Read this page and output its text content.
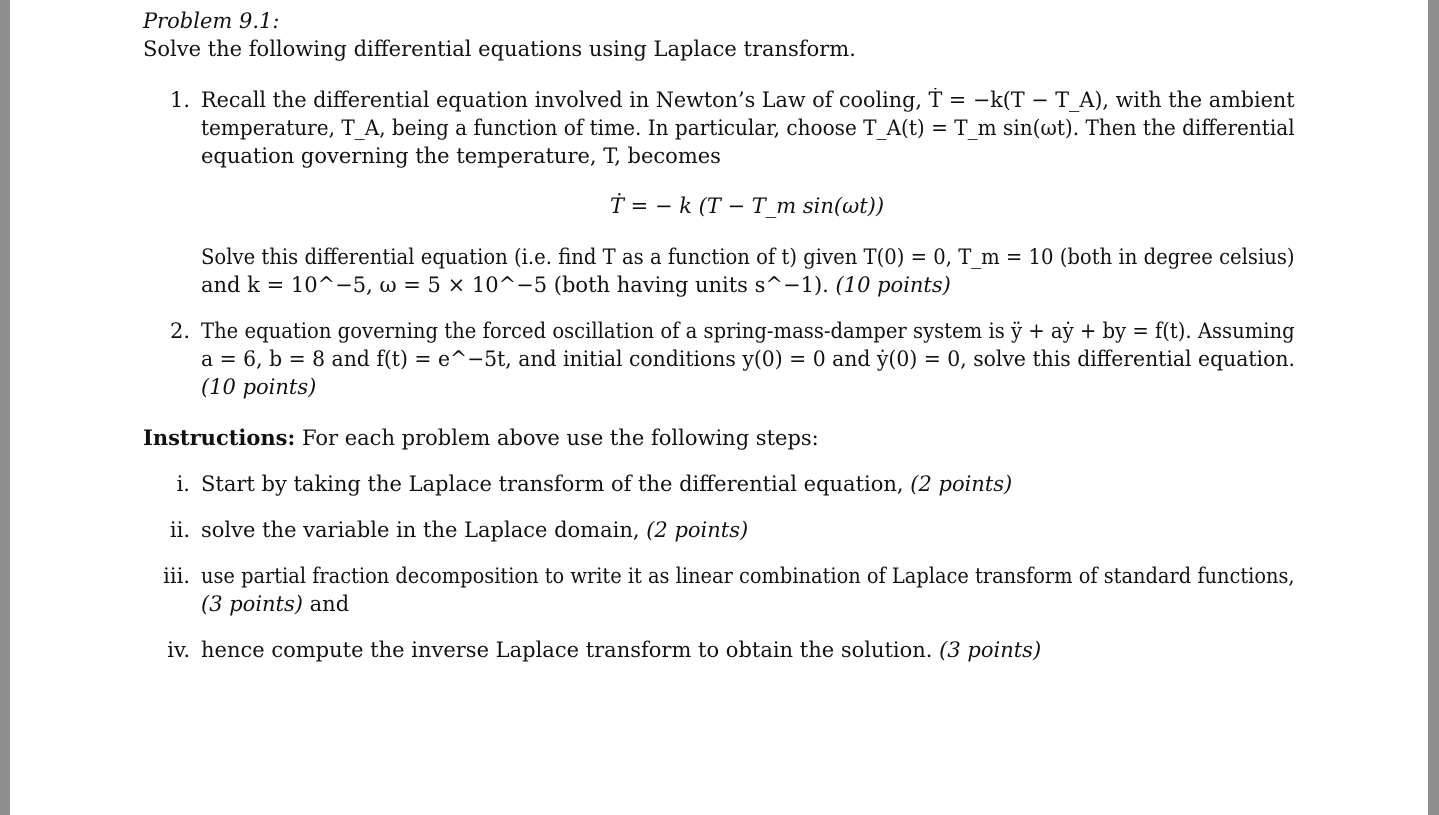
Problem 9.1:
Solve the following differential equations using Laplace transform.
1. Recall the differential equation involved in Newton’s Law of cooling, Ṫ = −k(T − T_A), with the ambient
temperature, T_A, being a function of time. In particular, choose T_A(t) = T_m sin(ωt). Then the differential
equation governing the temperature, T, becomes
Ṫ = − k (T − T_m sin(ωt))
Solve this differential equation (i.e. find T as a function of t) given T(0) = 0, T_m = 10 (both in degree celsius)
and k = 10^−5, ω = 5 × 10^−5 (both having units s^−1). (10 points)
2. The equation governing the forced oscillation of a spring-mass-damper system is ÿ + aẏ + by = f(t). Assuming
a = 6, b = 8 and f(t) = e^−5t, and initial conditions y(0) = 0 and ẏ(0) = 0, solve this differential equation.
(10 points)
Instructions: For each problem above use the following steps:
i. Start by taking the Laplace transform of the differential equation, (2 points)
ii. solve the variable in the Laplace domain, (2 points)
iii. use partial fraction decomposition to write it as linear combination of Laplace transform of standard functions,
(3 points) and
iv. hence compute the inverse Laplace transform to obtain the solution. (3 points)
